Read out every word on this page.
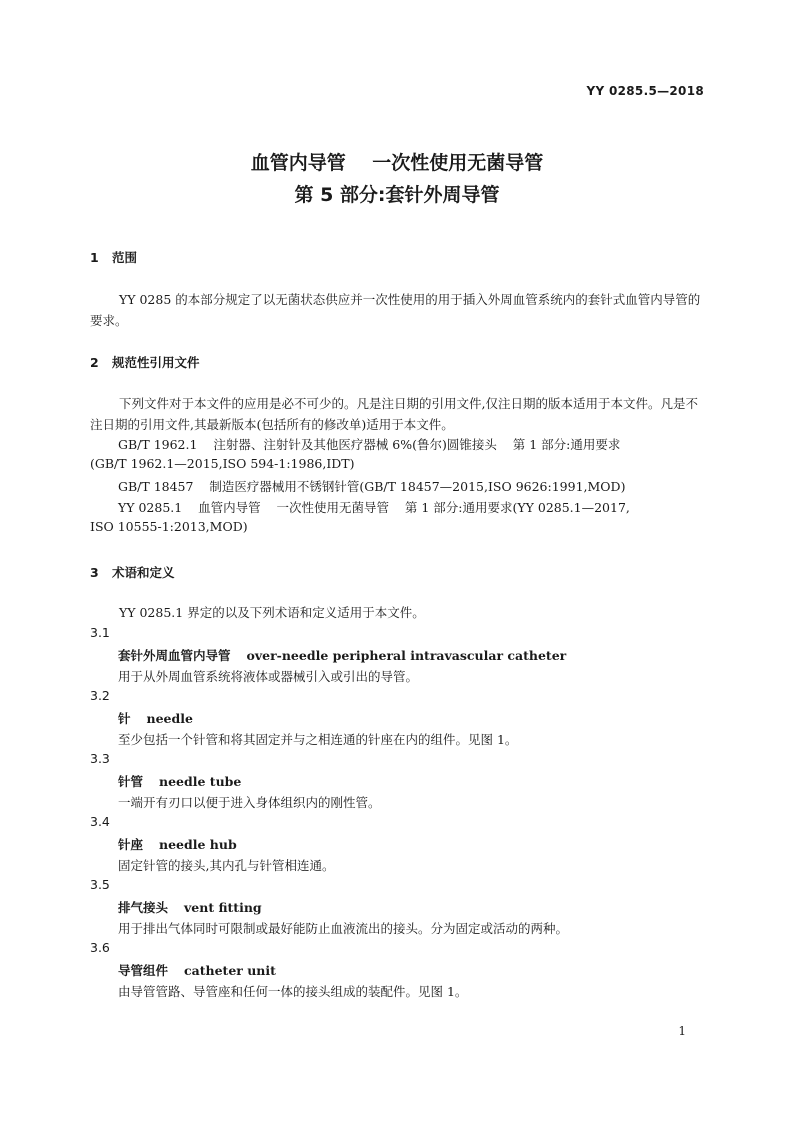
YY 0285.5—2018
血管内导管    一次性使用无菌导管
第 5 部分:套针外周导管
1 范围
YY 0285 的本部分规定了以无菌状态供应并一次性使用的用于插入外周血管系统内的套针式血管内导管的要求。
2 规范性引用文件
下列文件对于本文件的应用是必不可少的。凡是注日期的引用文件,仅注日期的版本适用于本文件。凡是不注日期的引用文件,其最新版本(包括所有的修改单)适用于本文件。
GB/T 1962.1    注射器、注射针及其他医疗器械 6%(鲁尔)圆锥接头    第 1 部分:通用要求
(GB/T 1962.1—2015,ISO 594-1:1986,IDT)
GB/T 18457    制造医疗器械用不锈钢针管(GB/T 18457—2015,ISO 9626:1991,MOD)
YY 0285.1    血管内导管    一次性使用无菌导管    第 1 部分:通用要求(YY 0285.1—2017,
ISO 10555-1:2013,MOD)
3 术语和定义
YY 0285.1 界定的以及下列术语和定义适用于本文件。
3.1
套针外周血管内导管 over-needle peripheral intravascular catheter
用于从外周血管系统将液体或器械引入或引出的导管。
3.2
针 needle
至少包括一个针管和将其固定并与之相连通的针座在内的组件。见图 1。
3.3
针管 needle tube
一端开有刃口以便于进入身体组织内的刚性管。
3.4
针座 needle hub
固定针管的接头,其内孔与针管相连通。
3.5
排气接头 vent fitting
用于排出气体同时可限制或最好能防止血液流出的接头。分为固定或活动的两种。
3.6
导管组件 catheter unit
由导管管路、导管座和任何一体的接头组成的装配件。见图 1。
1
